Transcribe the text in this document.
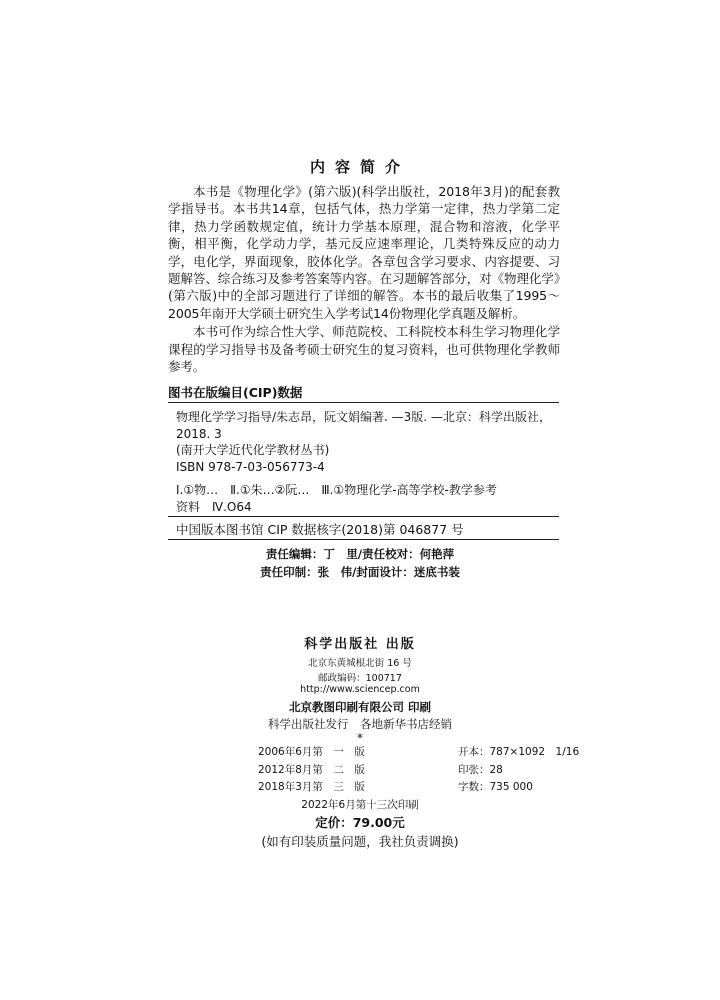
内容简介

本书是《物理化学》(第六版)(科学出版社，2018年3月)的配套教学指导书。本书共14章，包括气体，热力学第一定律，热力学第二定律，热力学函数规定值，统计力学基本原理，混合物和溶液，化学平衡，相平衡，化学动力学，基元反应速率理论，几类特殊反应的动力学，电化学，界面现象，胶体化学。各章包含学习要求、内容提要、习题解答、综合练习及参考答案等内容。在习题解答部分，对《物理化学》(第六版)中的全部习题进行了详细的解答。本书的最后收集了1995～2005年南开大学硕士研究生入学考试14份物理化学真题及解析。

本书可作为综合性大学、师范院校、工科院校本科生学习物理化学课程的学习指导书及备考硕士研究生的复习资料，也可供物理化学教师参考。

图书在版编目(CIP)数据
物理化学学习指导/朱志昂，阮文娟编著. —3版. —北京：科学出版社，
2018. 3
(南开大学近代化学教材丛书)
ISBN 978-7-03-056773-4
Ⅰ.①物…　Ⅱ.①朱…②阮…　Ⅲ.①物理化学-高等学校-教学参考
资料　Ⅳ.O64
中国版本图书馆 CIP 数据核字(2018)第 046877 号
责任编辑：丁　里/责任校对：何艳萍
责任印制：张　伟/封面设计：迷底书装
科学出版社 出版
北京东黄城根北街 16 号
邮政编码：100717
http://www.sciencep.com
北京教图印刷有限公司 印刷
科学出版社发行　各地新华书店经销
*
2006年6月第　一　版	开本：787×1092　1/16
2012年8月第　二　版	印张：28
2018年3月第　三　版	字数：735 000
2022年6月第十三次印刷
定价：79.00元
(如有印装质量问题，我社负责调换)
